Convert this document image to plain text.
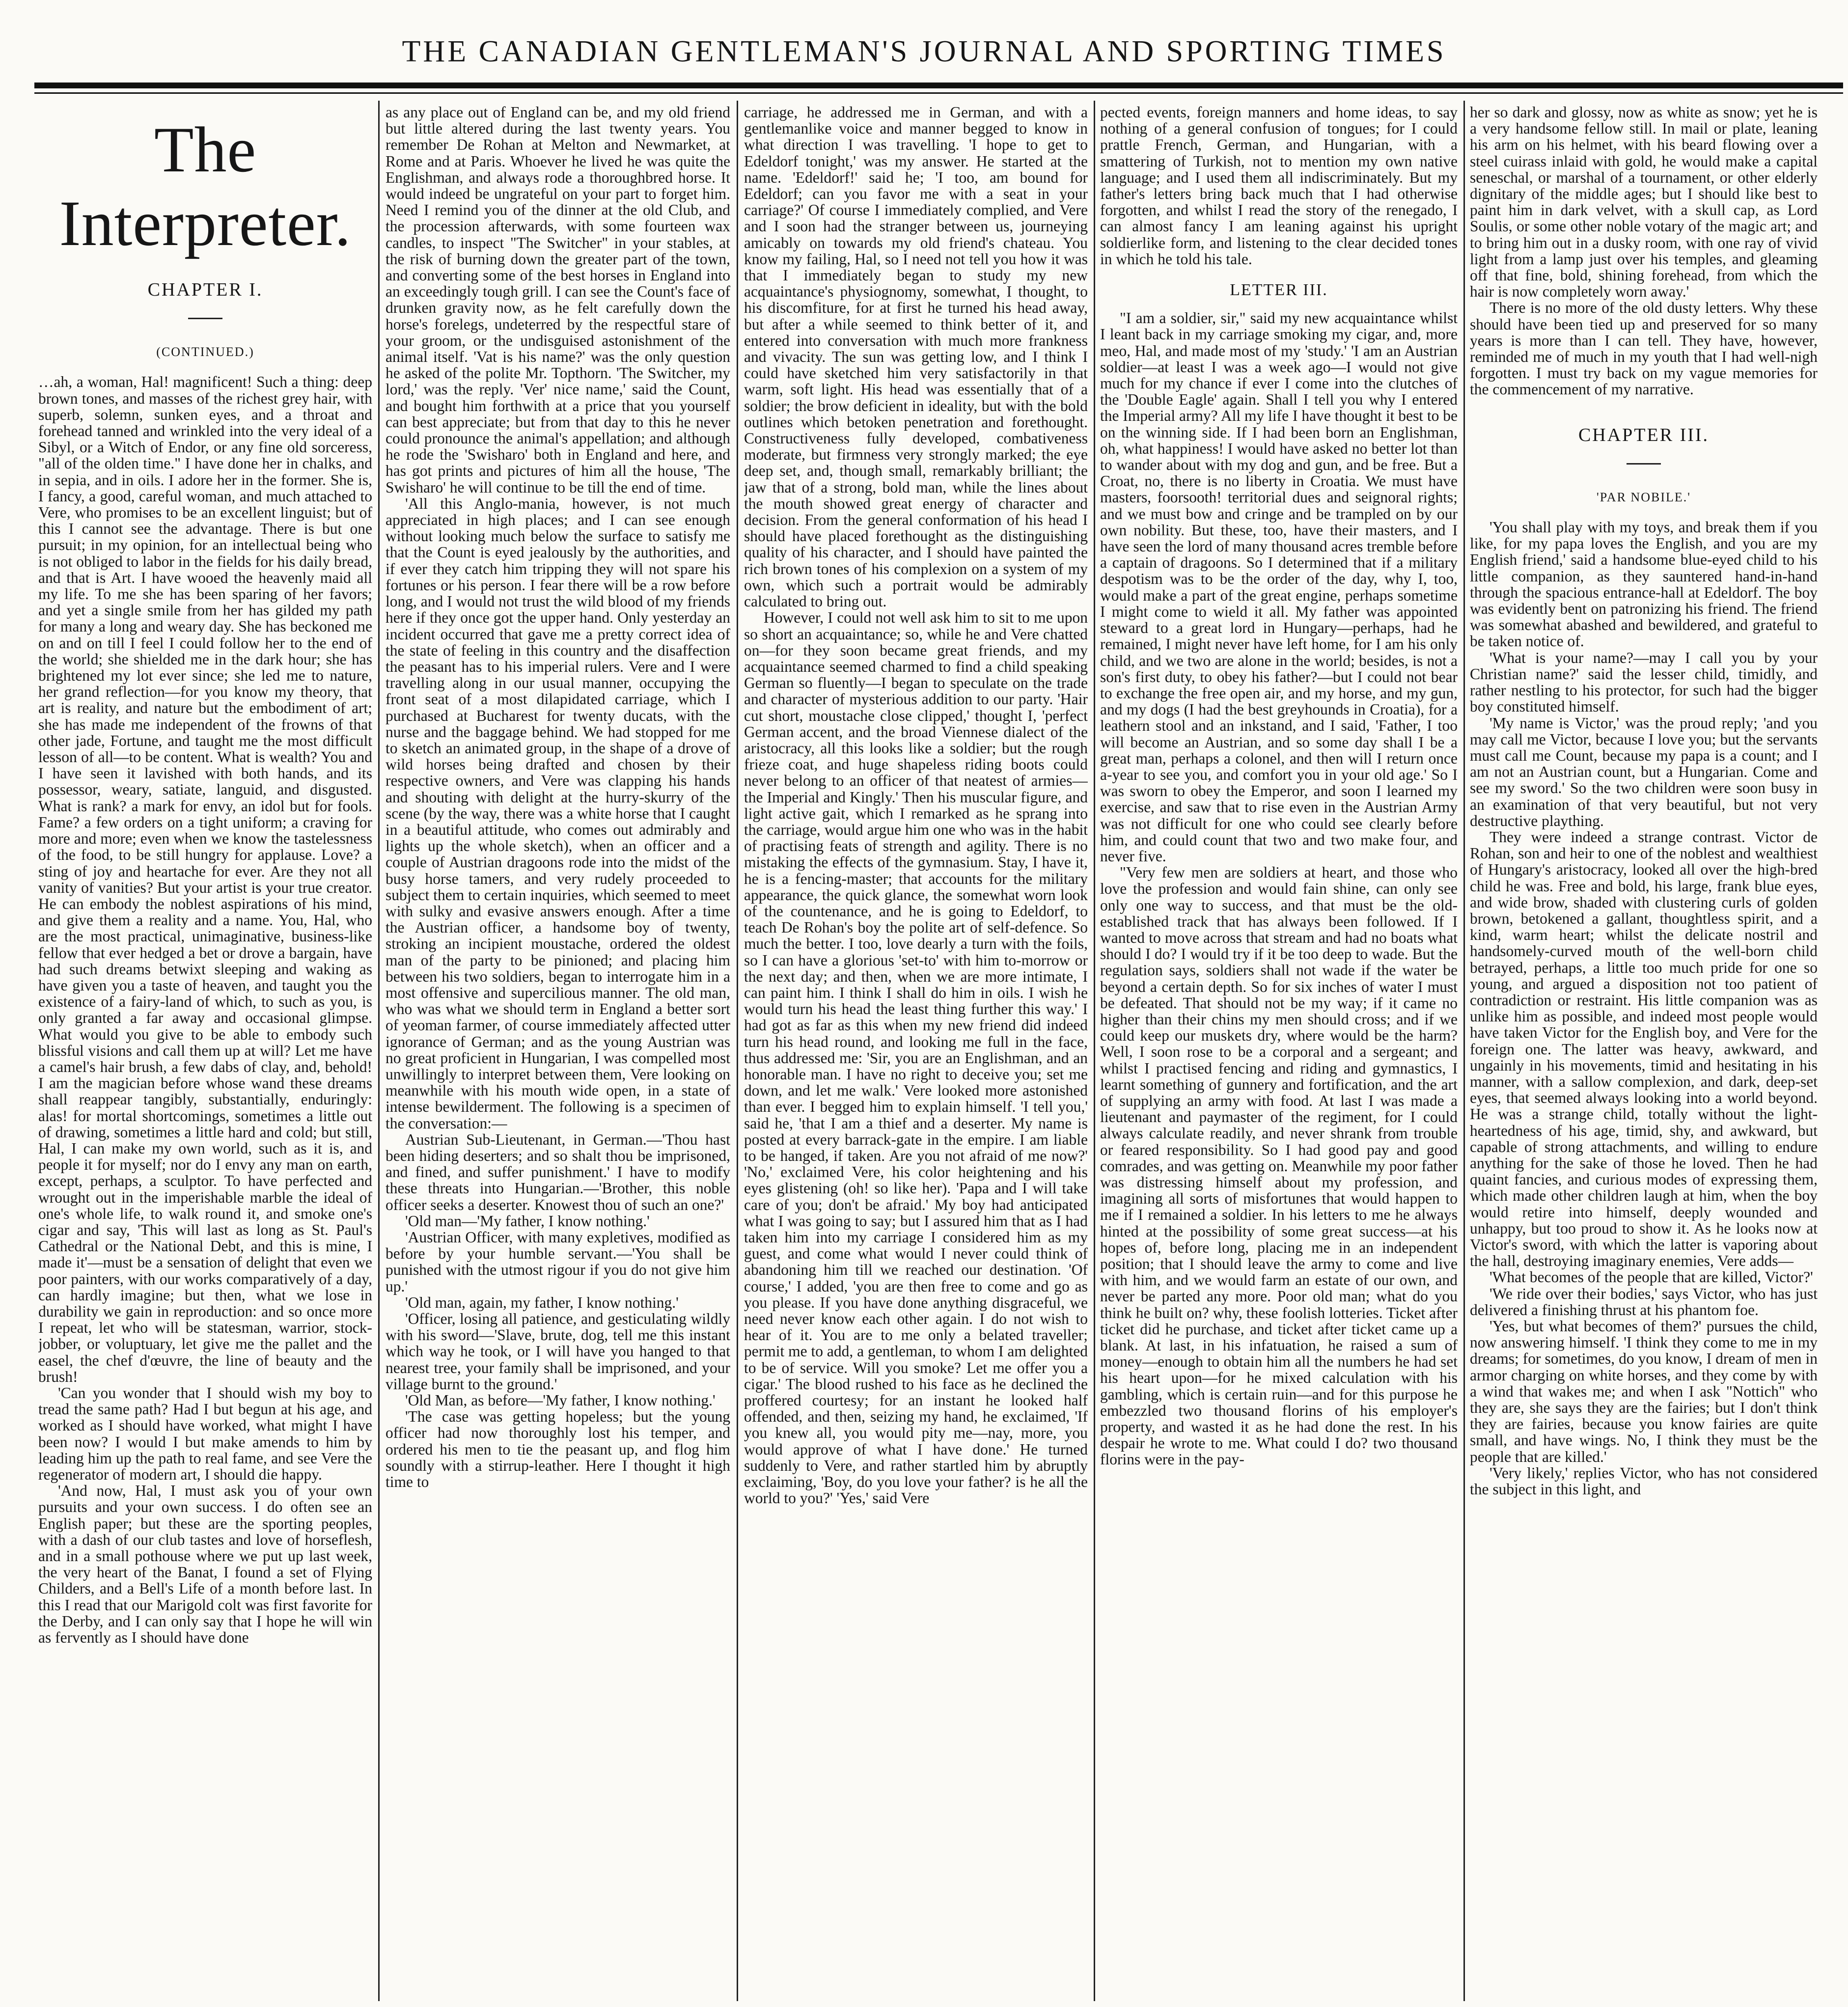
THE CANADIAN GENTLEMAN'S JOURNAL AND SPORTING TIMES
The Interpreter.
CHAPTER I.
(CONTINUED.)

…ah, a woman, Hal! magnificent! Such a thing: deep brown tones, and masses of the richest grey hair, with superb, solemn, sunken eyes, and a throat and forehead tanned and wrinkled into the very ideal of a Sibyl, or a Witch of Endor, or any fine old sorceress, "all of the olden time." I have done her in chalks, and in sepia, and in oils. I adore her in the former. She is, I fancy, a good, careful woman, and much attached to Vere, who promises to be an excellent linguist; but of this I cannot see the advantage. There is but one pursuit; in my opinion, for an intellectual being who is not obliged to labor in the fields for his daily bread, and that is Art. I have wooed the heavenly maid all my life. To me she has been sparing of her favors; and yet a single smile from her has gilded my path for many a long and weary day. She has beckoned me on and on till I feel I could follow her to the end of the world; she shielded me in the dark hour; she has brightened my lot ever since; she led me to nature, her grand reflection—for you know my theory, that art is reality, and nature but the embodiment of art; she has made me independent of the frowns of that other jade, Fortune, and taught me the most difficult lesson of all—to be content. What is wealth? You and I have seen it lavished with both hands, and its possessor, weary, satiate, languid, and disgusted. What is rank? a mark for envy, an idol but for fools. Fame? a few orders on a tight uniform; a craving for more and more; even when we know the tastelessness of the food, to be still hungry for applause. Love? a sting of joy and heartache for ever. Are they not all vanity of vanities? But your artist is your true creator. He can embody the noblest aspirations of his mind, and give them a reality and a name. You, Hal, who are the most practical, unimaginative, business-like fellow that ever hedged a bet or drove a bargain, have had such dreams betwixt sleeping and waking as have given you a taste of heaven, and taught you the existence of a fairy-land of which, to such as you, is only granted a far away and occasional glimpse. What would you give to be able to embody such blissful visions and call them up at will? Let me have a camel's hair brush, a few dabs of clay, and, behold! I am the magician before whose wand these dreams shall reappear tangibly, substantially, enduringly: alas! for mortal shortcomings, sometimes a little out of drawing, sometimes a little hard and cold; but still, Hal, I can make my own world, such as it is, and people it for myself; nor do I envy any man on earth, except, perhaps, a sculptor. To have perfected and wrought out in the imperishable marble the ideal of one's whole life, to walk round it, and smoke one's cigar and say, 'This will last as long as St. Paul's Cathedral or the National Debt, and this is mine, I made it'—must be a sensation of delight that even we poor painters, with our works comparatively of a day, can hardly imagine; but then, what we lose in durability we gain in reproduction: and so once more I repeat, let who will be statesman, warrior, stock-jobber, or voluptuary, let give me the pallet and the easel, the chef d'œuvre, the line of beauty and the brush!

'Can you wonder that I should wish my boy to tread the same path? Had I but begun at his age, and worked as I should have worked, what might I have been now? I would I but make amends to him by leading him up the path to real fame, and see Vere the regenerator of modern art, I should die happy.

'And now, Hal, I must ask you of your own pursuits and your own success. I do often see an English paper; but these are the sporting peoples, with a dash of our club tastes and love of horseflesh, and in a small pothouse where we put up last week, the very heart of the Banat, I found a set of Flying Childers, and a Bell's Life of a month before last. In this I read that our Marigold colt was first favorite for the Derby, and I can only say that I hope he will win as fervently as I should have done

as any place out of England can be, and my old friend but little altered during the last twenty years. You remember De Rohan at Melton and Newmarket, at Rome and at Paris. Whoever he lived he was quite the Englishman, and always rode a thoroughbred horse. It would indeed be ungrateful on your part to forget him. Need I remind you of the dinner at the old Club, and the procession afterwards, with some fourteen wax candles, to inspect "The Switcher" in your stables, at the risk of burning down the greater part of the town, and converting some of the best horses in England into an exceedingly tough grill. I can see the Count's face of drunken gravity now, as he felt carefully down the horse's forelegs, undeterred by the respectful stare of your groom, or the undisguised astonishment of the animal itself. 'Vat is his name?' was the only question he asked of the polite Mr. Topthorn. 'The Switcher, my lord,' was the reply. 'Ver' nice name,' said the Count, and bought him forthwith at a price that you yourself can best appreciate; but from that day to this he never could pronounce the animal's appellation; and although he rode the 'Swisharo' both in England and here, and has got prints and pictures of him all the house, 'The Swisharo' he will continue to be till the end of time.

'All this Anglo-mania, however, is not much appreciated in high places; and I can see enough without looking much below the surface to satisfy me that the Count is eyed jealously by the authorities, and if ever they catch him tripping they will not spare his fortunes or his person. I fear there will be a row before long, and I would not trust the wild blood of my friends here if they once got the upper hand. Only yesterday an incident occurred that gave me a pretty correct idea of the state of feeling in this country and the disaffection the peasant has to his imperial rulers. Vere and I were travelling along in our usual manner, occupying the front seat of a most dilapidated carriage, which I purchased at Bucharest for twenty ducats, with the nurse and the baggage behind. We had stopped for me to sketch an animated group, in the shape of a drove of wild horses being drafted and chosen by their respective owners, and Vere was clapping his hands and shouting with delight at the hurry-skurry of the scene (by the way, there was a white horse that I caught in a beautiful attitude, who comes out admirably and lights up the whole sketch), when an officer and a couple of Austrian dragoons rode into the midst of the busy horse tamers, and very rudely proceeded to subject them to certain inquiries, which seemed to meet with sulky and evasive answers enough. After a time the Austrian officer, a handsome boy of twenty, stroking an incipient moustache, ordered the oldest man of the party to be pinioned; and placing him between his two soldiers, began to interrogate him in a most offensive and supercilious manner. The old man, who was what we should term in England a better sort of yeoman farmer, of course immediately affected utter ignorance of German; and as the young Austrian was no great proficient in Hungarian, I was compelled most unwillingly to interpret between them, Vere looking on meanwhile with his mouth wide open, in a state of intense bewilderment. The following is a specimen of the conversation:—

Austrian Sub-Lieutenant, in German.—'Thou hast been hiding deserters; and so shalt thou be imprisoned, and fined, and suffer punishment.' I have to modify these threats into Hungarian.—'Brother, this noble officer seeks a deserter. Knowest thou of such an one?'

'Old man—'My father, I know nothing.'

'Austrian Officer, with many expletives, modified as before by your humble servant.—'You shall be punished with the utmost rigour if you do not give him up.'

'Old man, again, my father, I know nothing.'

'Officer, losing all patience, and gesticulating wildly with his sword—'Slave, brute, dog, tell me this instant which way he took, or I will have you hanged to that nearest tree, your family shall be imprisoned, and your village burnt to the ground.'

'Old Man, as before—'My father, I know nothing.'

'The case was getting hopeless; but the young officer had now thoroughly lost his temper, and ordered his men to tie the peasant up, and flog him soundly with a stirrup-leather. Here I thought it high time to

carriage, he addressed me in German, and with a gentlemanlike voice and manner begged to know in what direction I was travelling. 'I hope to get to Edeldorf tonight,' was my answer. He started at the name. 'Edeldorf!' said he; 'I too, am bound for Edeldorf; can you favor me with a seat in your carriage?' Of course I immediately complied, and Vere and I soon had the stranger between us, journeying amicably on towards my old friend's chateau. You know my failing, Hal, so I need not tell you how it was that I immediately began to study my new acquaintance's physiognomy, somewhat, I thought, to his discomfiture, for at first he turned his head away, but after a while seemed to think better of it, and entered into conversation with much more frankness and vivacity. The sun was getting low, and I think I could have sketched him very satisfactorily in that warm, soft light. His head was essentially that of a soldier; the brow deficient in ideality, but with the bold outlines which betoken penetration and forethought. Constructiveness fully developed, combativeness moderate, but firmness very strongly marked; the eye deep set, and, though small, remarkably brilliant; the jaw that of a strong, bold man, while the lines about the mouth showed great energy of character and decision. From the general conformation of his head I should have placed forethought as the distinguishing quality of his character, and I should have painted the rich brown tones of his complexion on a system of my own, which such a portrait would be admirably calculated to bring out.

However, I could not well ask him to sit to me upon so short an acquaintance; so, while he and Vere chatted on—for they soon became great friends, and my acquaintance seemed charmed to find a child speaking German so fluently—I began to speculate on the trade and character of mysterious addition to our party. 'Hair cut short, moustache close clipped,' thought I, 'perfect German accent, and the broad Viennese dialect of the aristocracy, all this looks like a soldier; but the rough frieze coat, and huge shapeless riding boots could never belong to an officer of that neatest of armies—the Imperial and Kingly.' Then his muscular figure, and light active gait, which I remarked as he sprang into the carriage, would argue him one who was in the habit of practising feats of strength and agility. There is no mistaking the effects of the gymnasium. Stay, I have it, he is a fencing-master; that accounts for the military appearance, the quick glance, the somewhat worn look of the countenance, and he is going to Edeldorf, to teach De Rohan's boy the polite art of self-defence. So much the better. I too, love dearly a turn with the foils, so I can have a glorious 'set-to' with him to-morrow or the next day; and then, when we are more intimate, I can paint him. I think I shall do him in oils. I wish he would turn his head the least thing further this way.' I had got as far as this when my new friend did indeed turn his head round, and looking me full in the face, thus addressed me: 'Sir, you are an Englishman, and an honorable man. I have no right to deceive you; set me down, and let me walk.' Vere looked more astonished than ever. I begged him to explain himself. 'I tell you,' said he, 'that I am a thief and a deserter. My name is posted at every barrack-gate in the empire. I am liable to be hanged, if taken. Are you not afraid of me now?' 'No,' exclaimed Vere, his color heightening and his eyes glistening (oh! so like her). 'Papa and I will take care of you; don't be afraid.' My boy had anticipated what I was going to say; but I assured him that as I had taken him into my carriage I considered him as my guest, and come what would I never could think of abandoning him till we reached our destination. 'Of course,' I added, 'you are then free to come and go as you please. If you have done anything disgraceful, we need never know each other again. I do not wish to hear of it. You are to me only a belated traveller; permit me to add, a gentleman, to whom I am delighted to be of service. Will you smoke? Let me offer you a cigar.' The blood rushed to his face as he declined the proffered courtesy; for an instant he looked half offended, and then, seizing my hand, he exclaimed, 'If you knew all, you would pity me—nay, more, you would approve of what I have done.' He turned suddenly to Vere, and rather startled him by abruptly exclaiming, 'Boy, do you love your father? is he all the world to you?' 'Yes,' said Vere

pected events, foreign manners and home ideas, to say nothing of a general confusion of tongues; for I could prattle French, German, and Hungarian, with a smattering of Turkish, not to mention my own native language; and I used them all indiscriminately. But my father's letters bring back much that I had otherwise forgotten, and whilst I read the story of the renegado, I can almost fancy I am leaning against his upright soldierlike form, and listening to the clear decided tones in which he told his tale.

LETTER III.

"I am a soldier, sir," said my new acquaintance whilst I leant back in my carriage smoking my cigar, and, more meo, Hal, and made most of my 'study.' 'I am an Austrian soldier—at least I was a week ago—I would not give much for my chance if ever I come into the clutches of the 'Double Eagle' again. Shall I tell you why I entered the Imperial army? All my life I have thought it best to be on the winning side. If I had been born an Englishman, oh, what happiness! I would have asked no better lot than to wander about with my dog and gun, and be free. But a Croat, no, there is no liberty in Croatia. We must have masters, foorsooth! territorial dues and seignoral rights; and we must bow and cringe and be trampled on by our own nobility. But these, too, have their masters, and I have seen the lord of many thousand acres tremble before a captain of dragoons. So I determined that if a military despotism was to be the order of the day, why I, too, would make a part of the great engine, perhaps sometime I might come to wield it all. My father was appointed steward to a great lord in Hungary—perhaps, had he remained, I might never have left home, for I am his only child, and we two are alone in the world; besides, is not a son's first duty, to obey his father?—but I could not bear to exchange the free open air, and my horse, and my gun, and my dogs (I had the best greyhounds in Croatia), for a leathern stool and an inkstand, and I said, 'Father, I too will become an Austrian, and so some day shall I be a great man, perhaps a colonel, and then will I return once a-year to see you, and comfort you in your old age.' So I was sworn to obey the Emperor, and soon I learned my exercise, and saw that to rise even in the Austrian Army was not difficult for one who could see clearly before him, and could count that two and two make four, and never five.

"Very few men are soldiers at heart, and those who love the profession and would fain shine, can only see only one way to success, and that must be the old-established track that has always been followed. If I wanted to move across that stream and had no boats what should I do? I would try if it be too deep to wade. But the regulation says, soldiers shall not wade if the water be beyond a certain depth. So for six inches of water I must be defeated. That should not be my way; if it came no higher than their chins my men should cross; and if we could keep our muskets dry, where would be the harm? Well, I soon rose to be a corporal and a sergeant; and whilst I practised fencing and riding and gymnastics, I learnt something of gunnery and fortification, and the art of supplying an army with food. At last I was made a lieutenant and paymaster of the regiment, for I could always calculate readily, and never shrank from trouble or feared responsibility. So I had good pay and good comrades, and was getting on. Meanwhile my poor father was distressing himself about my profession, and imagining all sorts of misfortunes that would happen to me if I remained a soldier. In his letters to me he always hinted at the possibility of some great success—at his hopes of, before long, placing me in an independent position; that I should leave the army to come and live with him, and we would farm an estate of our own, and never be parted any more. Poor old man; what do you think he built on? why, these foolish lotteries. Ticket after ticket did he purchase, and ticket after ticket came up a blank. At last, in his infatuation, he raised a sum of money—enough to obtain him all the numbers he had set his heart upon—for he mixed calculation with his gambling, which is certain ruin—and for this purpose he embezzled two thousand florins of his employer's property, and wasted it as he had done the rest. In his despair he wrote to me. What could I do? two thousand florins were in the pay-

her so dark and glossy, now as white as snow; yet he is a very handsome fellow still. In mail or plate, leaning his arm on his helmet, with his beard flowing over a steel cuirass inlaid with gold, he would make a capital seneschal, or marshal of a tournament, or other elderly dignitary of the middle ages; but I should like best to paint him in dark velvet, with a skull cap, as Lord Soulis, or some other noble votary of the magic art; and to bring him out in a dusky room, with one ray of vivid light from a lamp just over his temples, and gleaming off that fine, bold, shining forehead, from which the hair is now completely worn away.'

There is no more of the old dusty letters. Why these should have been tied up and preserved for so many years is more than I can tell. They have, however, reminded me of much in my youth that I had well-nigh forgotten. I must try back on my vague memories for the commencement of my narrative.

CHAPTER III.
'PAR NOBILE.'

'You shall play with my toys, and break them if you like, for my papa loves the English, and you are my English friend,' said a handsome blue-eyed child to his little companion, as they sauntered hand-in-hand through the spacious entrance-hall at Edeldorf. The boy was evidently bent on patronizing his friend. The friend was somewhat abashed and bewildered, and grateful to be taken notice of.

'What is your name?—may I call you by your Christian name?' said the lesser child, timidly, and rather nestling to his protector, for such had the bigger boy constituted himself.

'My name is Victor,' was the proud reply; 'and you may call me Victor, because I love you; but the servants must call me Count, because my papa is a count; and I am not an Austrian count, but a Hungarian. Come and see my sword.' So the two children were soon busy in an examination of that very beautiful, but not very destructive plaything.

They were indeed a strange contrast. Victor de Rohan, son and heir to one of the noblest and wealthiest of Hungary's aristocracy, looked all over the high-bred child he was. Free and bold, his large, frank blue eyes, and wide brow, shaded with clustering curls of golden brown, betokened a gallant, thoughtless spirit, and a kind, warm heart; whilst the delicate nostril and handsomely-curved mouth of the well-born child betrayed, perhaps, a little too much pride for one so young, and argued a disposition not too patient of contradiction or restraint. His little companion was as unlike him as possible, and indeed most people would have taken Victor for the English boy, and Vere for the foreign one. The latter was heavy, awkward, and ungainly in his movements, timid and hesitating in his manner, with a sallow complexion, and dark, deep-set eyes, that seemed always looking into a world beyond. He was a strange child, totally without the light-heartedness of his age, timid, shy, and awkward, but capable of strong attachments, and willing to endure anything for the sake of those he loved. Then he had quaint fancies, and curious modes of expressing them, which made other children laugh at him, when the boy would retire into himself, deeply wounded and unhappy, but too proud to show it. As he looks now at Victor's sword, with which the latter is vaporing about the hall, destroying imaginary enemies, Vere adds—

'What becomes of the people that are killed, Victor?'

'We ride over their bodies,' says Victor, who has just delivered a finishing thrust at his phantom foe.

'Yes, but what becomes of them?' pursues the child, now answering himself. 'I think they come to me in my dreams; for sometimes, do you know, I dream of men in armor charging on white horses, and they come by with a wind that wakes me; and when I ask "Nottich" who they are, she says they are the fairies; but I don't think they are fairies, because you know fairies are quite small, and have wings. No, I think they must be the people that are killed.'

'Very likely,' replies Victor, who has not considered the subject in this light, and
